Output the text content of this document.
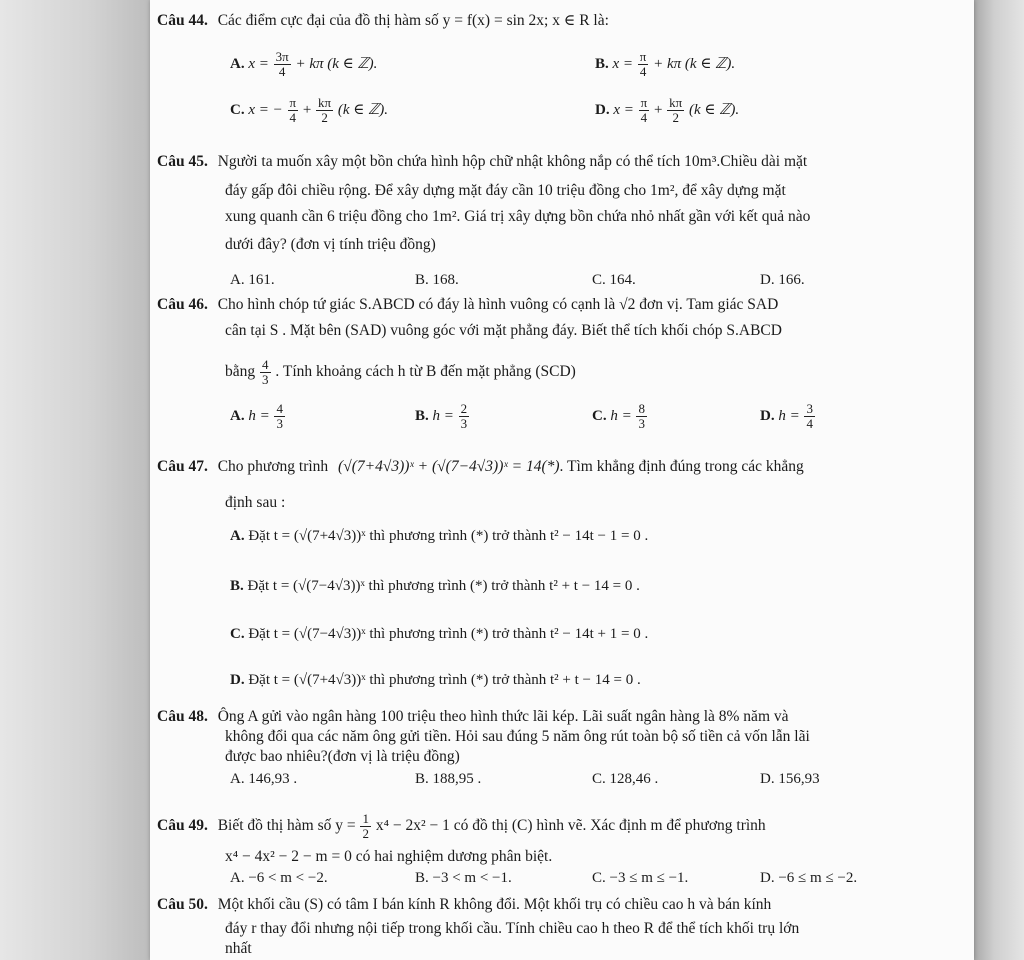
Câu 44. Các điểm cực đại của đồ thị hàm số y = f(x) = sin 2x; x ∈ R là:
A. $x = \frac{3\pi}{4} + k\pi$ (k ∈ ℤ).	B. $x = \frac{\pi}{4} + k\pi$ (k ∈ ℤ).
C. x = − $\frac{\pi}{4} + \frac{k\pi}{2} (k$ ∈ ℤ).	D. $x = \frac{\pi}{4} + \frac{k\pi}{2} (k$ ∈ ℤ).
Câu 45. Người ta muốn xây một bồn chứa hình hộp chữ nhật không nắp có thể tích 10m³.Chiều dài mặt
đáy gấp đôi chiều rộng. Để xây dựng mặt đáy cần 10 triệu đồng cho 1m², để xây dựng mặt
xung quanh cần 6 triệu đồng cho 1m². Giá trị xây dựng bồn chứa nhỏ nhất gần với kết quả nào
dưới đây? (đơn vị tính triệu đồng)
A. 161.	B. 168.	C. 164.	D. 166.
Câu 46. Cho hình chóp tứ giác S.ABCD có đáy là hình vuông có cạnh là √2 đơn vị. Tam giác SAD
cân tại S . Mặt bên (SAD) vuông góc với mặt phẳng đáy. Biết thể tích khối chóp S.ABCD
bằng $\frac{4}{3}$ . Tính khoảng cách h từ B đến mặt phẳng (SCD)
A. $h = \frac{4}{3}$	B. $h = \frac{2}{3}$	C. $h = \frac{8}{3}$	D. $h = \frac{3}{4}$
Câu 47. Cho phương trình (√(7+4√3))ˣ + (√(7−4√3))ˣ = 14(*). Tìm khẳng định đúng trong các khẳng
định sau :
A. Đặt t = (√(7+4√3))ˣ thì phương trình (*) trở thành t² − 14t − 1 = 0 .
B. Đặt t = (√(7−4√3))ˣ thì phương trình (*) trở thành t² + t − 14 = 0 .
C. Đặt t = (√(7−4√3))ˣ thì phương trình (*) trở thành t² − 14t + 1 = 0 .
D. Đặt t = (√(7+4√3))ˣ thì phương trình (*) trở thành t² + t − 14 = 0 .
Câu 48. Ông A gửi vào ngân hàng 100 triệu theo hình thức lãi kép. Lãi suất ngân hàng là 8% năm và
không đổi qua các năm ông gửi tiền. Hỏi sau đúng 5 năm ông rút toàn bộ số tiền cả vốn lẫn lãi
được bao nhiêu?(đơn vị là triệu đồng)
A. 146,93 .	B. 188,95 .	C. 128,46 .	D. 156,93
Câu 49. Biết đồ thị hàm số $y = \frac{1}{2} x^4 - 2x^2 - 1$ có đồ thị (C) hình vẽ. Xác định m để phương trình
x⁴ − 4x² − 2 − m = 0 có hai nghiệm dương phân biệt.
A. −6 < m < −2.	B. −3 < m < −1.	C. −3 ≤ m ≤ −1.	D. −6 ≤ m ≤ −2.
Câu 50. Một khối cầu (S) có tâm I bán kính R không đổi. Một khối trụ có chiều cao h và bán kính
đáy r thay đổi nhưng nội tiếp trong khối cầu. Tính chiều cao h theo R để thể tích khối trụ lớn
nhất
